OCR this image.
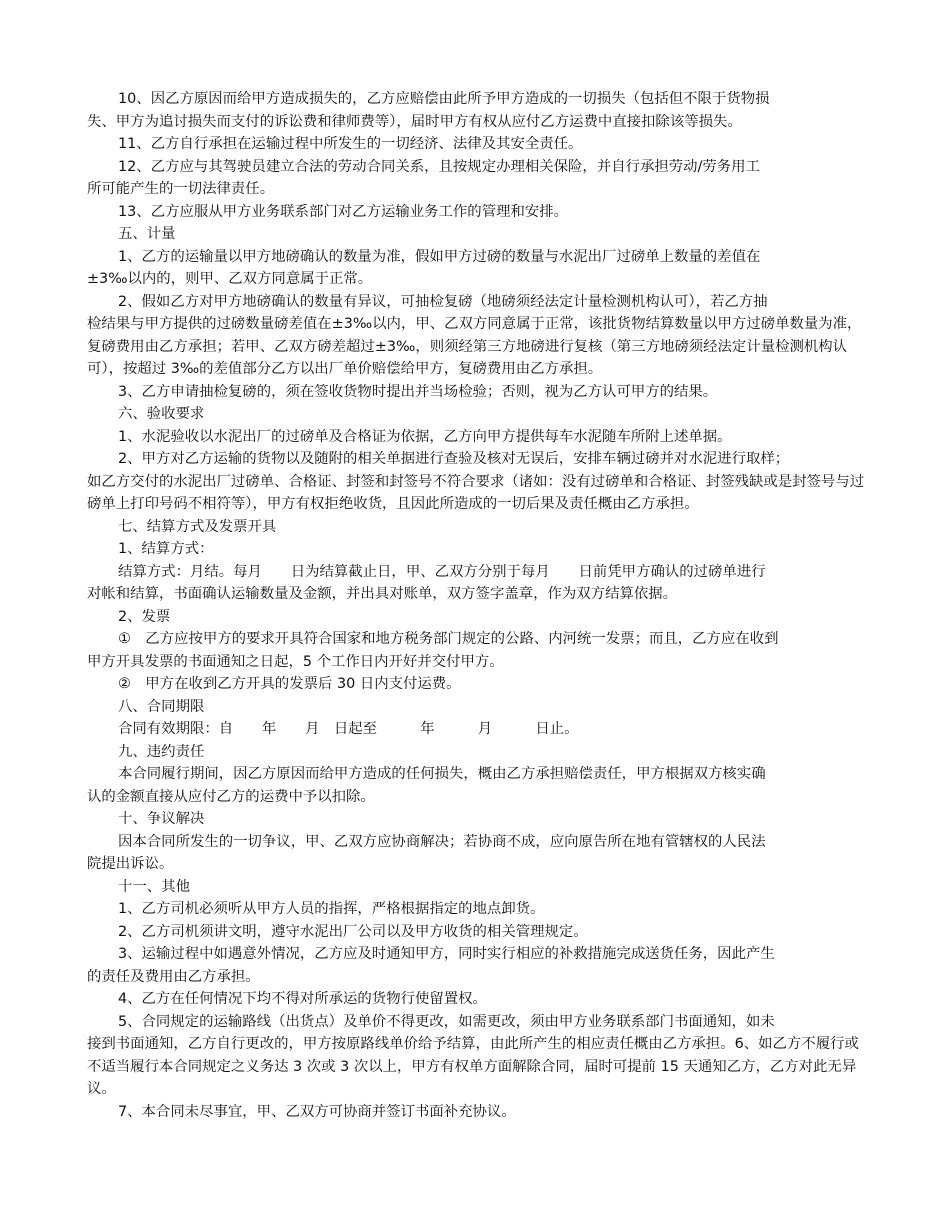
10、因乙方原因而给甲方造成损失的，乙方应赔偿由此所予甲方造成的一切损失（包括但不限于货物损
失、甲方为追讨损失而支付的诉讼费和律师费等），届时甲方有权从应付乙方运费中直接扣除该等损失。
11、乙方自行承担在运输过程中所发生的一切经济、法律及其安全责任。
12、乙方应与其驾驶员建立合法的劳动合同关系，且按规定办理相关保险，并自行承担劳动/劳务用工
所可能产生的一切法律责任。
13、乙方应服从甲方业务联系部门对乙方运输业务工作的管理和安排。
五、计量
1、乙方的运输量以甲方地磅确认的数量为准，假如甲方过磅的数量与水泥出厂过磅单上数量的差值在
±3‰以内的，则甲、乙双方同意属于正常。
2、假如乙方对甲方地磅确认的数量有异议，可抽检复磅（地磅须经法定计量检测机构认可），若乙方抽
检结果与甲方提供的过磅数量磅差值在±3‰以内，甲、乙双方同意属于正常，该批货物结算数量以甲方过磅单数量为准，复磅费用由乙方承担；若甲、乙双方磅差超过±3‰，则须经第三方地磅进行复核（第三方地磅须经法定计量检测机构认可），按超过 3‰的差值部分乙方以出厂单价赔偿给甲方，复磅费用由乙方承担。
3、乙方申请抽检复磅的，须在签收货物时提出并当场检验；否则，视为乙方认可甲方的结果。
六、验收要求
1、水泥验收以水泥出厂的过磅单及合格证为依据，乙方向甲方提供每车水泥随车所附上述单据。
2、甲方对乙方运输的货物以及随附的相关单据进行查验及核对无误后，安排车辆过磅并对水泥进行取样；
如乙方交付的水泥出厂过磅单、合格证、封签和封签号不符合要求（诸如：没有过磅单和合格证、封签残缺或是封签号与过磅单上打印号码不相符等），甲方有权拒绝收货，且因此所造成的一切后果及责任概由乙方承担。
七、结算方式及发票开具
1、结算方式：
结算方式：月结。每月　　日为结算截止日，甲、乙双方分别于每月　　日前凭甲方确认的过磅单进行
对帐和结算，书面确认运输数量及金额，并出具对账单，双方签字盖章，作为双方结算依据。
2、发票
①　乙方应按甲方的要求开具符合国家和地方税务部门规定的公路、内河统一发票；而且，乙方应在收到
甲方开具发票的书面通知之日起，5 个工作日内开好并交付甲方。
②　甲方在收到乙方开具的发票后 30 日内支付运费。
八、合同期限
合同有效期限：自　　年　　月　日起至　　　年　　　月　　　日止。
九、违约责任
本合同履行期间，因乙方原因而给甲方造成的任何损失，概由乙方承担赔偿责任，甲方根据双方核实确
认的金额直接从应付乙方的运费中予以扣除。
十、争议解决
因本合同所发生的一切争议，甲、乙双方应协商解决；若协商不成，应向原告所在地有管辖权的人民法
院提出诉讼。
十一、其他
1、乙方司机必须听从甲方人员的指挥，严格根据指定的地点卸货。
2、乙方司机须讲文明，遵守水泥出厂公司以及甲方收货的相关管理规定。
3、运输过程中如遇意外情况，乙方应及时通知甲方，同时实行相应的补救措施完成送货任务，因此产生
的责任及费用由乙方承担。
4、乙方在任何情况下均不得对所承运的货物行使留置权。
5、合同规定的运输路线（出货点）及单价不得更改，如需更改，须由甲方业务联系部门书面通知，如未
接到书面通知，乙方自行更改的，甲方按原路线单价给予结算，由此所产生的相应责任概由乙方承担。6、如乙方不履行或不适当履行本合同规定之义务达 3 次或 3 次以上，甲方有权单方面解除合同，届时可提前 15 天通知乙方，乙方对此无异议。
7、本合同未尽事宜，甲、乙双方可协商并签订书面补充协议。
